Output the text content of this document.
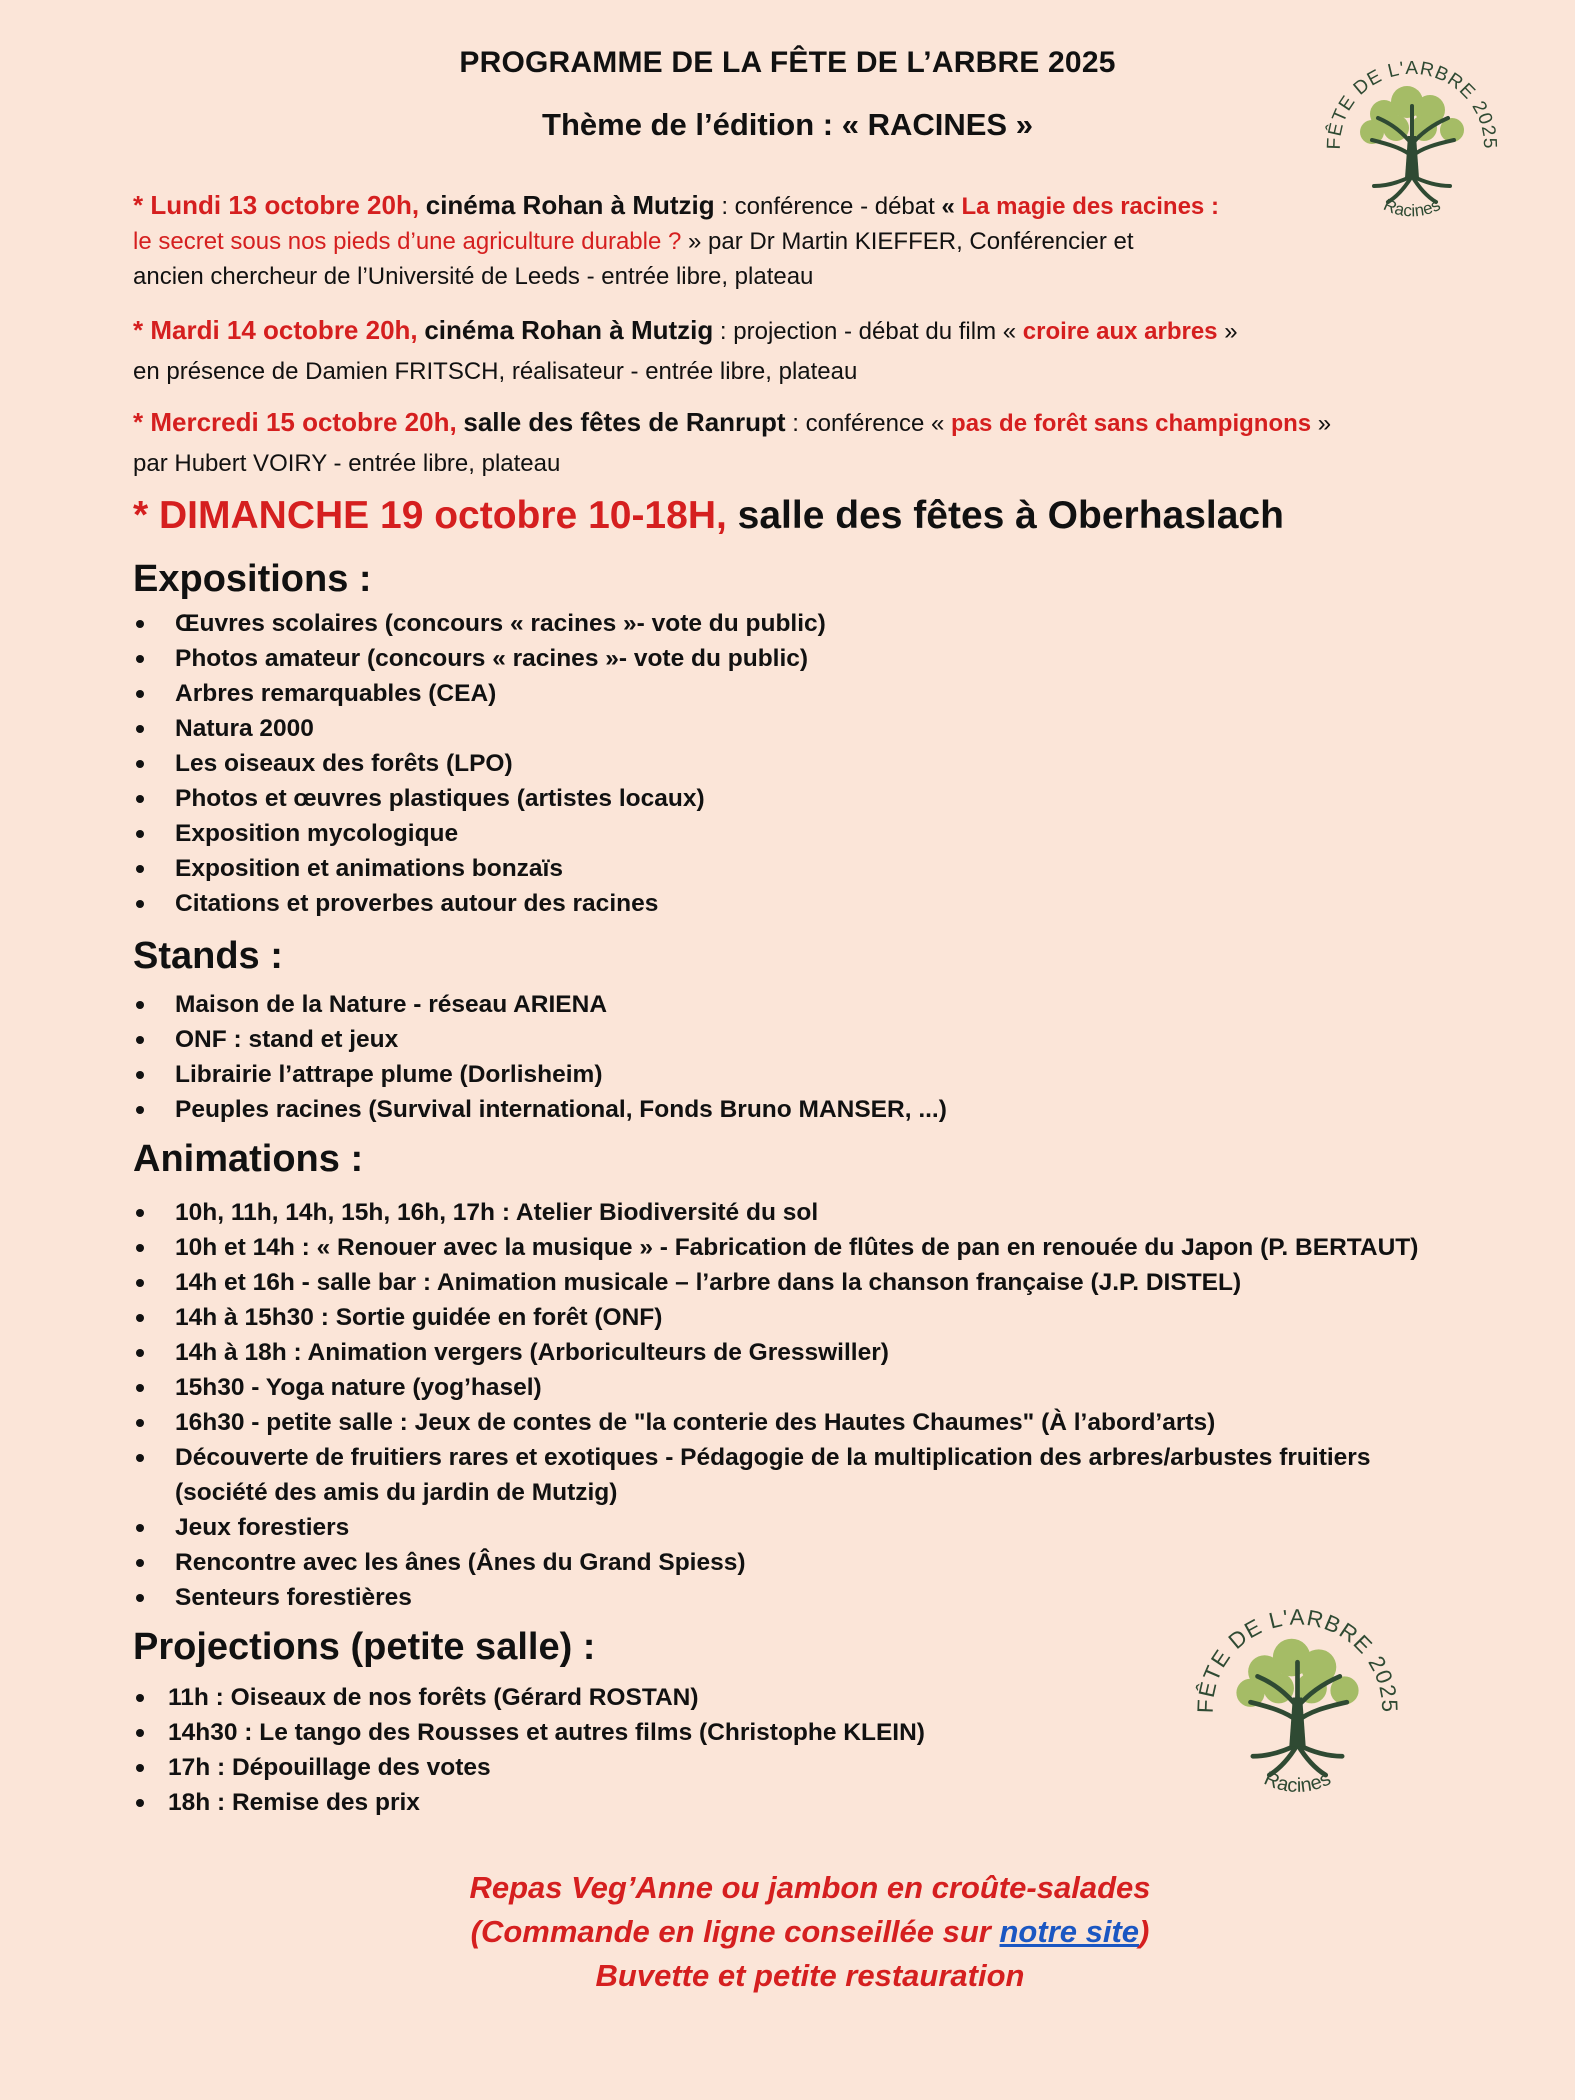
PROGRAMME DE LA FÊTE DE L’ARBRE 2025
Thème de l’édition : « RACINES »
FÊTE DE L'ARBRE 2025
Racines
* Lundi 13 octobre 20h, cinéma Rohan à Mutzig : conférence - débat « La magie des racines :
le secret sous nos pieds d’une agriculture durable ? » par Dr Martin KIEFFER, Conférencier et
ancien chercheur de l’Université de Leeds - entrée libre, plateau
* Mardi 14 octobre 20h, cinéma Rohan à Mutzig : projection - débat du film « croire aux arbres »
en présence de Damien FRITSCH, réalisateur - entrée libre, plateau
* Mercredi 15 octobre 20h, salle des fêtes de Ranrupt : conférence « pas de forêt sans champignons »
par Hubert VOIRY - entrée libre, plateau
* DIMANCHE 19 octobre 10-18H, salle des fêtes à Oberhaslach
Expositions :
Œuvres scolaires (concours « racines »- vote du public)
Photos amateur (concours « racines »- vote du public)
Arbres remarquables (CEA)
Natura 2000
Les oiseaux des forêts (LPO)
Photos et œuvres plastiques (artistes locaux)
Exposition mycologique
Exposition et animations bonzaïs
Citations et proverbes autour des racines
Stands :
Maison de la Nature - réseau ARIENA
ONF : stand et jeux
Librairie l’attrape plume (Dorlisheim)
Peuples racines (Survival international, Fonds Bruno MANSER, ...)
Animations :
10h, 11h, 14h, 15h, 16h, 17h : Atelier Biodiversité du sol
10h et 14h : « Renouer avec la musique » - Fabrication de flûtes de pan en renouée du Japon (P. BERTAUT)
14h et 16h - salle bar : Animation musicale – l’arbre dans la chanson française (J.P. DISTEL)
14h à 15h30 : Sortie guidée en forêt (ONF)
14h à 18h : Animation vergers (Arboriculteurs de Gresswiller)
15h30 - Yoga nature (yog’hasel)
16h30 - petite salle : Jeux de contes de "la conterie des Hautes Chaumes" (À l’abord’arts)
Découverte de fruitiers rares et exotiques - Pédagogie de la multiplication des arbres/arbustes fruitiers
(société des amis du jardin de Mutzig)
Jeux forestiers
Rencontre avec les ânes (Ânes du Grand Spiess)
Senteurs forestières
Projections (petite salle) :
11h : Oiseaux de nos forêts (Gérard ROSTAN)
14h30 : Le tango des Rousses et autres films (Christophe KLEIN)
17h : Dépouillage des votes
18h : Remise des prix
FÊTE DE L'ARBRE 2025
Racines
Repas Veg’Anne ou jambon en croûte-salades
(Commande en ligne conseillée sur notre site)
Buvette et petite restauration
